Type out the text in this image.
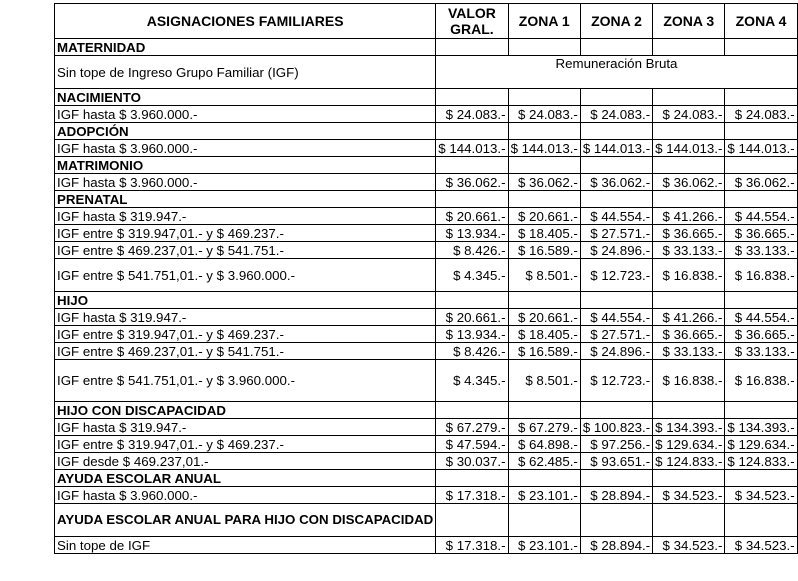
ASIGNACIONES FAMILIARES	VALOR GRAL.	ZONA 1	ZONA 2	ZONA 3	ZONA 4
MATERNIDAD					
Sin tope de Ingreso Grupo Familiar (IGF)	Remuneración Bruta				
NACIMIENTO					
IGF hasta $ 3.960.000.-	$ 24.083.-	$ 24.083.-	$ 24.083.-	$ 24.083.-	$ 24.083.-
ADOPCIÓN					
IGF hasta $ 3.960.000.-	$ 144.013.-	$ 144.013.-	$ 144.013.-	$ 144.013.-	$ 144.013.-
MATRIMONIO					
IGF hasta $ 3.960.000.-	$ 36.062.-	$ 36.062.-	$ 36.062.-	$ 36.062.-	$ 36.062.-
PRENATAL					
IGF hasta $ 319.947.-	$ 20.661.-	$ 20.661.-	$ 44.554.-	$ 41.266.-	$ 44.554.-
IGF entre $ 319.947,01.- y $ 469.237.-	$ 13.934.-	$ 18.405.-	$ 27.571.-	$ 36.665.-	$ 36.665.-
IGF entre $ 469.237,01.- y $ 541.751.-	$ 8.426.-	$ 16.589.-	$ 24.896.-	$ 33.133.-	$ 33.133.-
IGF entre $ 541.751,01.- y $ 3.960.000.-	$ 4.345.-	$ 8.501.-	$ 12.723.-	$ 16.838.-	$ 16.838.-
HIJO					
IGF hasta $ 319.947.-	$ 20.661.-	$ 20.661.-	$ 44.554.-	$ 41.266.-	$ 44.554.-
IGF entre $ 319.947,01.- y $ 469.237.-	$ 13.934.-	$ 18.405.-	$ 27.571.-	$ 36.665.-	$ 36.665.-
IGF entre $ 469.237,01.- y $ 541.751.-	$ 8.426.-	$ 16.589.-	$ 24.896.-	$ 33.133.-	$ 33.133.-
IGF entre $ 541.751,01.- y $ 3.960.000.-	$ 4.345.-	$ 8.501.-	$ 12.723.-	$ 16.838.-	$ 16.838.-
HIJO CON DISCAPACIDAD					
IGF hasta $ 319.947.-	$ 67.279.-	$ 67.279.-	$ 100.823.-	$ 134.393.-	$ 134.393.-
IGF entre $ 319.947,01.- y $ 469.237.-	$ 47.594.-	$ 64.898.-	$ 97.256.-	$ 129.634.-	$ 129.634.-
IGF desde $ 469.237,01.-	$ 30.037.-	$ 62.485.-	$ 93.651.-	$ 124.833.-	$ 124.833.-
AYUDA ESCOLAR ANUAL					
IGF hasta $ 3.960.000.-	$ 17.318.-	$ 23.101.-	$ 28.894.-	$ 34.523.-	$ 34.523.-
AYUDA ESCOLAR ANUAL PARA HIJO CON DISCAPACIDAD					
Sin tope de IGF	$ 17.318.-	$ 23.101.-	$ 28.894.-	$ 34.523.-	$ 34.523.-
